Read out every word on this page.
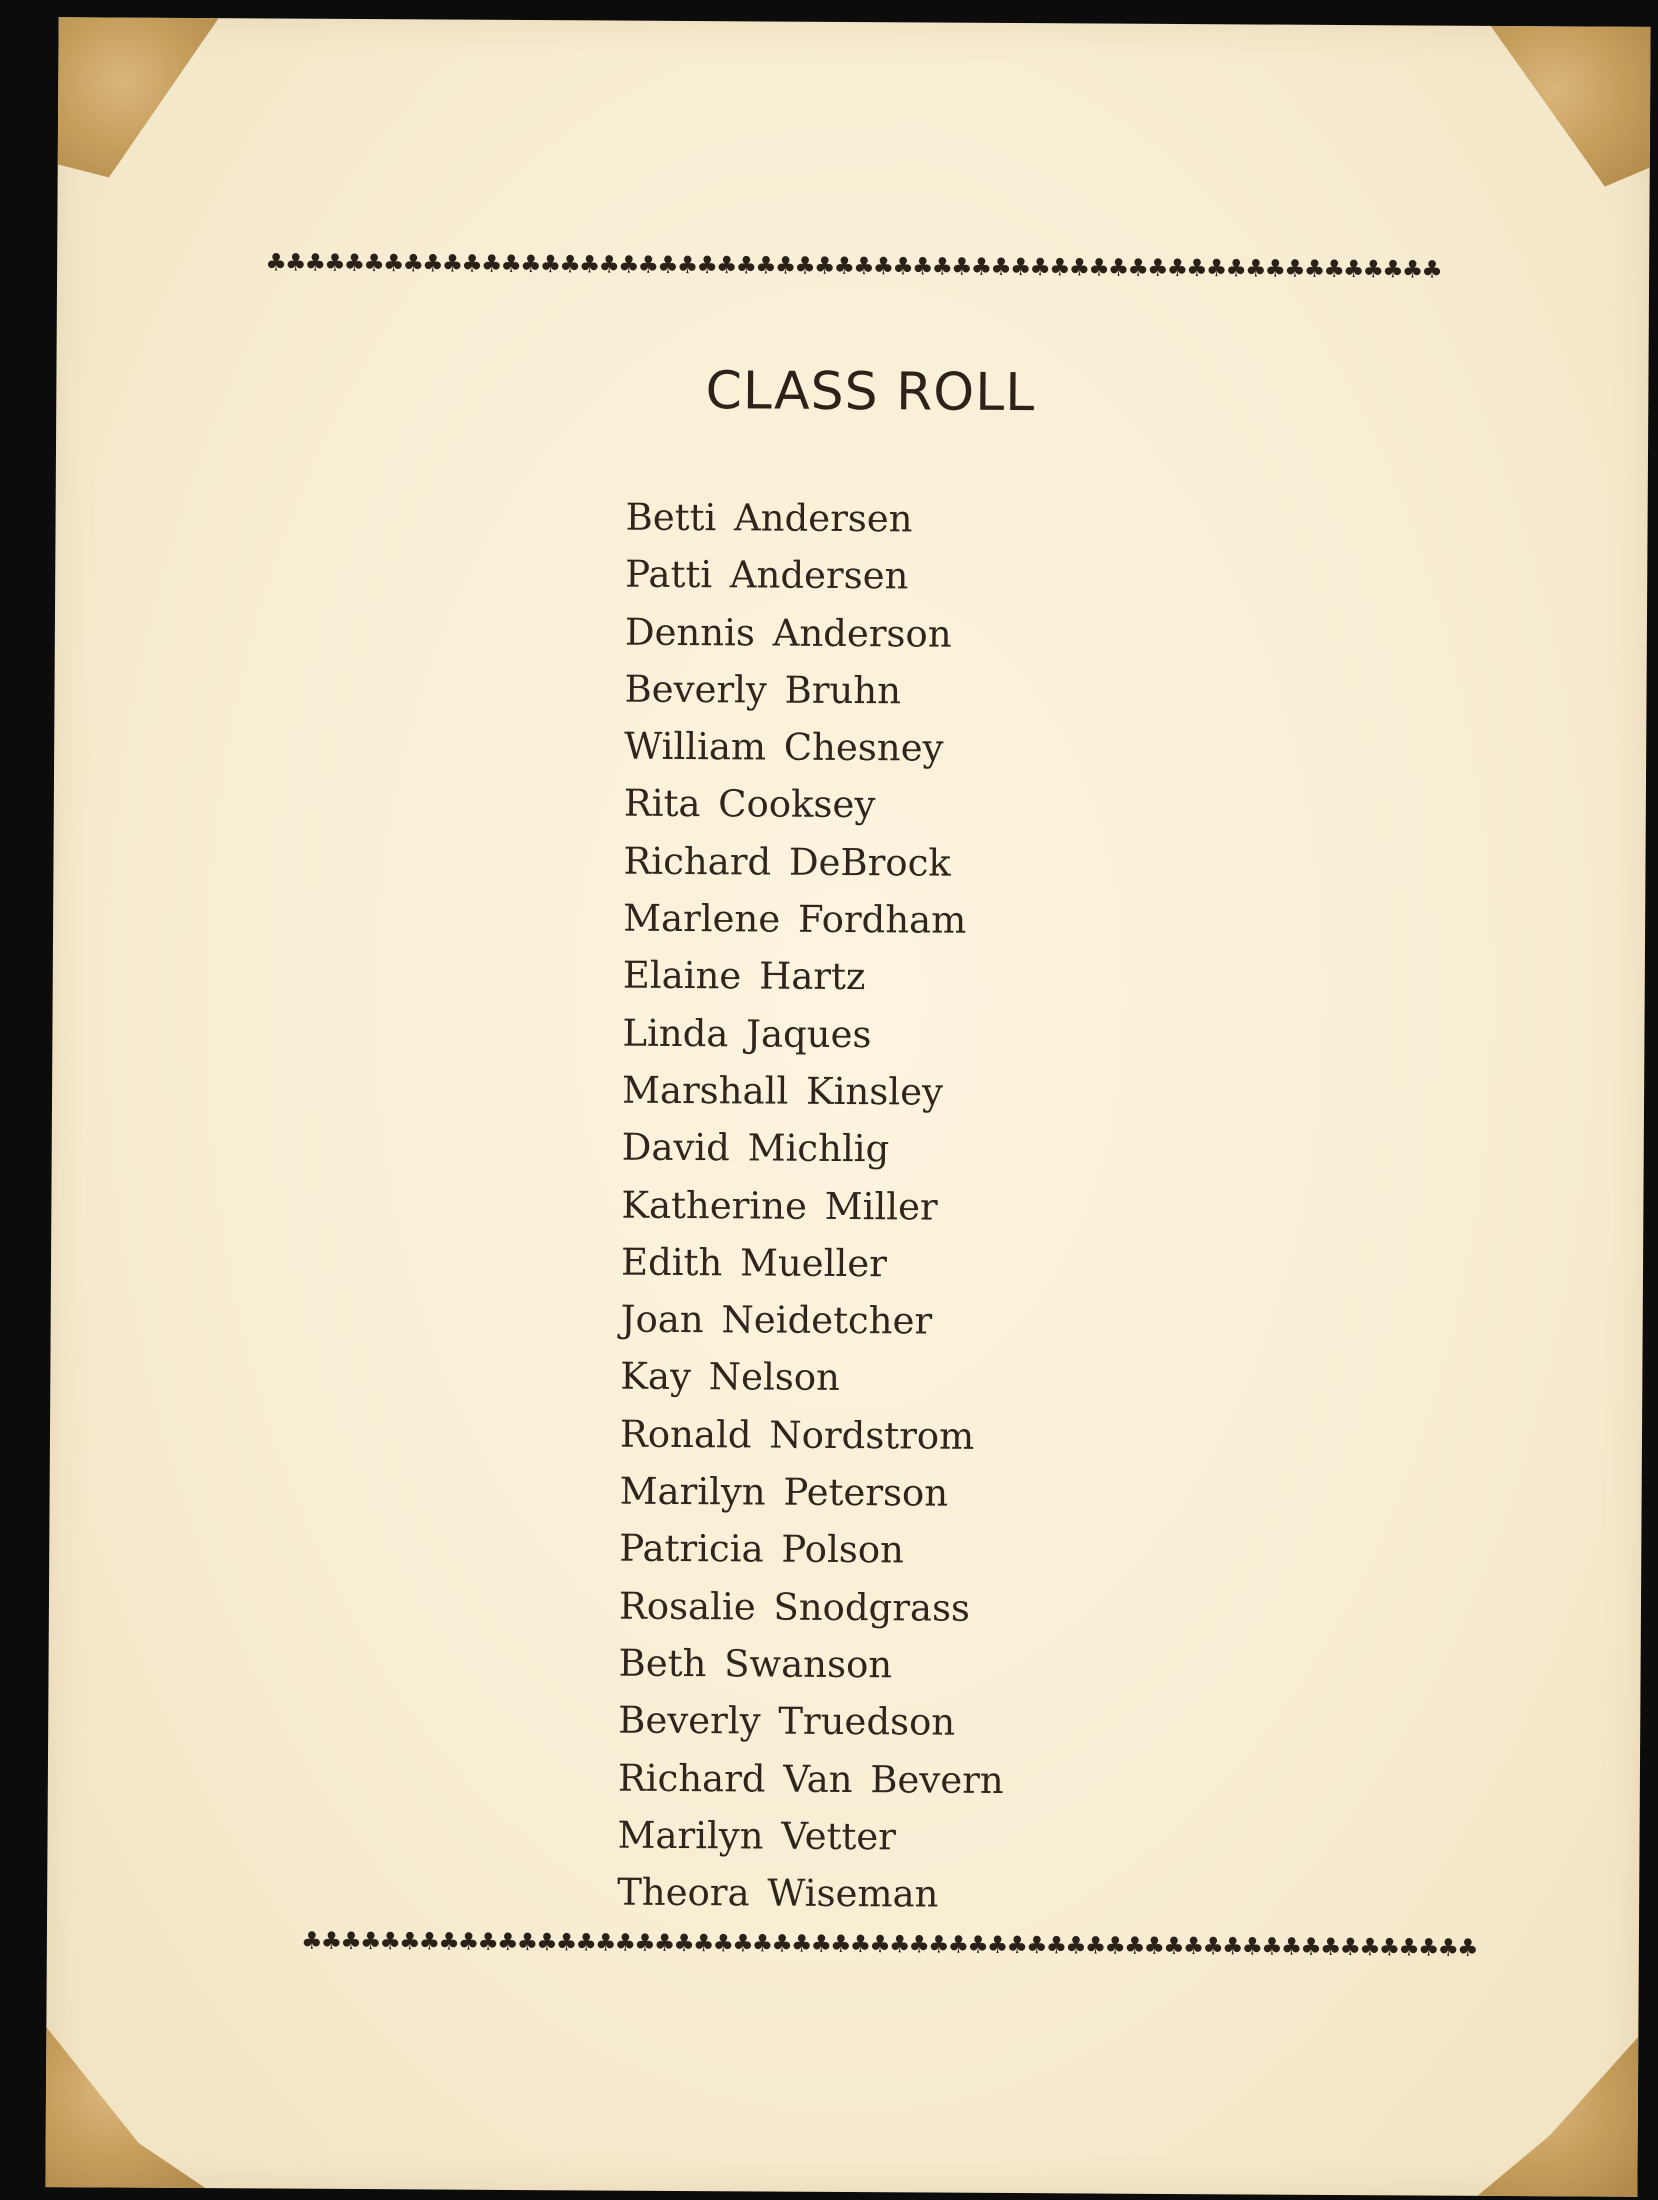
♣
♣
♣
♣
♣
♣
♣
♣
♣
♣
♣
♣
♣
♣
♣
♣
♣
♣
♣
♣
♣
♣
♣
♣
♣
♣
♣
♣
♣
♣
♣
♣
♣
♣
♣
♣
♣
♣
♣
♣
♣
♣
♣
♣
♣
♣
♣
♣
♣
♣
♣
♣
♣
♣
♣
♣
♣
♣
♣
♣
CLASS ROLL
Betti Andersen
Patti Andersen
Dennis Anderson
Beverly Bruhn
William Chesney
Rita Cooksey
Richard DeBrock
Marlene Fordham
Elaine Hartz
Linda Jaques
Marshall Kinsley
David Michlig
Katherine Miller
Edith Mueller
Joan Neidetcher
Kay Nelson
Ronald Nordstrom
Marilyn Peterson
Patricia Polson
Rosalie Snodgrass
Beth Swanson
Beverly Truedson
Richard Van Bevern
Marilyn Vetter
Theora Wiseman
♣
♣
♣
♣
♣
♣
♣
♣
♣
♣
♣
♣
♣
♣
♣
♣
♣
♣
♣
♣
♣
♣
♣
♣
♣
♣
♣
♣
♣
♣
♣
♣
♣
♣
♣
♣
♣
♣
♣
♣
♣
♣
♣
♣
♣
♣
♣
♣
♣
♣
♣
♣
♣
♣
♣
♣
♣
♣
♣
♣
